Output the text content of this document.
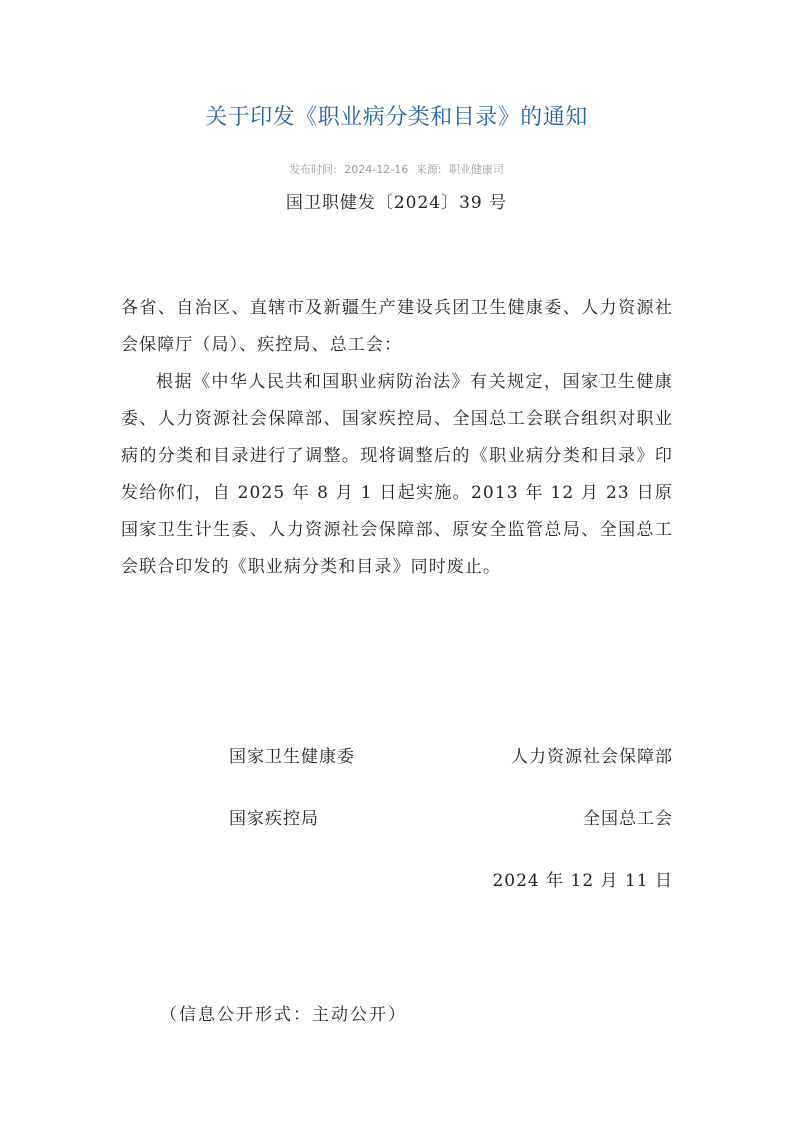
关于印发《职业病分类和目录》的通知
发布时间: 2024-12-16 来源: 职业健康司
国卫职健发〔2024〕39 号

各省、自治区、直辖市及新疆生产建设兵团卫生健康委、人力资源社会保障厅（局）、疾控局、总工会：

根据《中华人民共和国职业病防治法》有关规定，国家卫生健康委、人力资源社会保障部、国家疾控局、全国总工会联合组织对职业病的分类和目录进行了调整。现将调整后的《职业病分类和目录》印发给你们，自 2025 年 8 月 1 日起实施。2013 年 12 月 23 日原国家卫生计生委、人力资源社会保障部、原安全监管总局、全国总工会联合印发的《职业病分类和目录》同时废止。

国家卫生健康委	人力资源社会保障部
国家疾控局	全国总工会
2024 年 12 月 11 日
（信息公开形式：主动公开）
